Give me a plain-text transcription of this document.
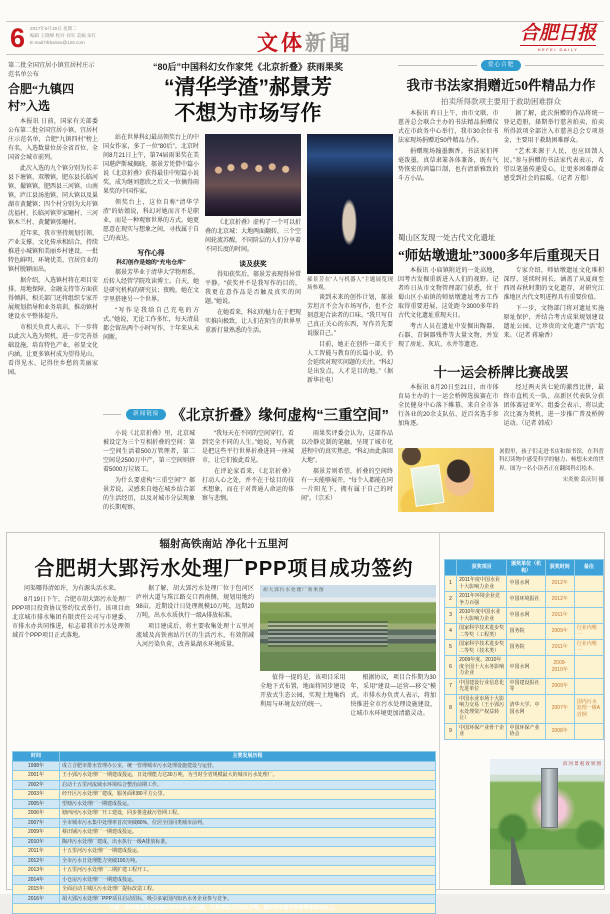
6 2017年9月19日 星期二
编辑 王晓峰 校对 刘军 美编 朱红
E-mail:hfrbwtxw@126.com	文体新闻	合肥日报
HEFEI DAILY
第二批全国宜居小镇宜居村庄示范名单公布
合肥“九镇四村”入选

本报讯 日前，国家有关部委公布第二批全国宜居小镇、宜居村庄示范名单，合肥“九镇四村”榜上有名，入选数量位居全省首位、全国省会城市前列。

此次入选的九个镇分别为长丰县下塘镇、双墩镇，肥东县长临河镇、撮镇镇，肥西县三河镇、山南镇，庐江县汤池镇、同大镇以及巢湖市黄麓镇；四个村分别为大圩镇沈福村、长临河镇罗家疃村、三河镇木兰村、黄麓镇张疃村。

近年来，我市坚持规划引领、产业支撑、文化传承相结合，持续推进小城镇和美丽乡村建设，一批特色鲜明、环境优美、宜居宜业的镇村脱颖而出。

据介绍，入选镇村将在项目安排、用地保障、金融支持等方面获得倾斜，相关部门还将组织专家开展规划指导和业务培训，推动镇村建设水平整体提升。

市相关负责人表示，下一步将以此次入选为契机，进一步完善基础设施，培育特色产业，彰显文化内涵，让更多镇村成为望得见山、看得见水、记得住乡愁的美丽家园。

“80后”中国科幻女作家凭《北京折叠》获雨果奖
“清华学渣”郝景芳
不想为市场写作

站在世界科幻最高领奖台上的中国女作家，多了一位“80后”。北京时间8月21日上午，第74届雨果奖在美国堪萨斯城揭晓，郝景芳凭借中篇小说《北京折叠》获得最佳中短篇小说奖，成为继刘慈欣之后又一位摘得雨果奖的中国作家。

领奖台上，这位自称“清华学渣”的姑娘说，科幻对她而言不是职业，而是一种观察世界的方式。她更愿意在现实与想象之间，寻找属于自己的表达。

写作心得
科幻创作是她的“充电仓库”

郝景芳毕业于清华大学物理系，后转入经管学院攻读博士。白天，她是研究机构的研究员；夜晚，她在文字里搭建另一个世界。

“写作是我给自己充电的方式。”她说，无论工作多忙，每天清晨都会留出两个小时写作，十年来从未间断。

《北京折叠》虚构了一个可以折叠的北京城：大地两面翻转，三个空间轮流苏醒，不同阶层的人们分享着不同长度的时间。

谈及获奖

得知获奖后，郝景芳表现得异常平静。“获奖并不是我写作的目的，我更在意作品是否触及真实的问题。”她说。

在她看来，科幻的魅力在于把现实推向极致，让人们在陌生的世界里重新打量熟悉的生活。

郝景芳在“人与机器人”主题展览现场参观。

谈到未来的创作计划，郝景芳坦言不会为市场写作，也不会刻意迎合读者的口味。“我只写自己真正关心的东西，写作首先要说服自己。”

目前，她正在创作一部关于人工智能与教育的长篇小说，仍会延续对现实问题的关注。“科幻是出发点，人才是目的地。”（据新华社电）

新闻链接 《北京折叠》缘何虚构“三重空间”

小说《北京折叠》里，北京城被设定为三个互相折叠的空间：第一空间生活着500万管理者，第二空间是2500万中产，第三空间则挤着5000万垃圾工。

为什么要虚构“三重空间”？郝景芳说，灵感来自她在城乡结合部的生活经历，以及对城市分层现象的长期观察。

“我每天在不同的空间穿行，看到完全不同的人生。”她说，写作就是把这些平行世界折叠进同一座城市，让它们彼此看见。

在评论家看来，《北京折叠》打动人心之处，并不在于炫目的技术想象，而在于对普通人命运的体察与悲悯。

雨果奖评委会认为，这部作品以冷静克制的笔触，呈现了城市化进程中的真实焦虑，“科幻由此落回大地”。

郝景芳则希望，折叠的空间终有一天能够展开，“每个人都能在同一片阳光下，拥有属于自己的时间”。（宗禾）

爱心合肥
我市书法家捐赠近50件精品力作
拍卖所得款项主要用于救助困难群众

本报讯 昨日上午，由市文联、市慈善总会联合主办的书法精品捐赠仪式在市政务中心举行，我市30余位书法家现场捐赠近50件精品力作。

捐赠现场翰墨飘香。书法家们挥毫泼墨，真草隶篆各体兼备，既有气势恢宏的鸿篇巨制，也有清新雅致的斗方小品。

据了解，此次捐赠的作品将统一登记造册，择期举行慈善拍卖，拍卖所得款项全部注入市慈善总会专项基金，主要用于救助困难群众。

“艺术来源于人民，也应回馈人民。”参与捐赠的书法家代表表示，希望以笔墨传递爱心，让更多困难群众感受到社会的温暖。（记者 方偲）

蜀山区发现一处古代文化遗址
“师姑墩遗址”3000多年后重现天日

本报讯 小庙镇附近的一处高地，因考古发掘重新进入人们的视野。记者昨日从市文物管理部门获悉，位于蜀山区小庙镇的师姑墩遗址考古工作取得重要进展，这处距今3000多年的古代文化遗址重现天日。

考古人员在遗址中发掘出陶器、石器、青铜器残件等大量文物，并发现了房址、灰坑、水井等遗迹。

专家介绍，师姑墩遗址文化堆积深厚，延续时间长，涵盖了从夏商至西周春秋时期的文化遗存，对研究江淮地区古代文明进程具有重要价值。

下一步，文物部门将对遗址实施原址保护，并结合考古成果规划建设遗址公园，让珍贵的文化遗产“活”起来。（记者 蒋瑜香）

十一运会桥牌比赛战罢

本报讯 8月20日至21日，由市体育局主办的十一运会桥牌选拔赛在市全民健身中心落下帷幕，来自全市各行各业的20余支队伍、近百名选手参加角逐。

经过两天共七轮的激烈比拼，最终市直机关一队、高新区代表队分获团体赛冠亚军。组委会表示，将以此次比赛为契机，进一步推广普及桥牌运动。（记者 韩成）

暑假里，孩子们走进书店和图书馆，在科普科幻读物中感受科学的魅力、畅想未来的世界。图为一名小读者正在翻阅科幻绘本。
宋炎骏 葛庆钊 摄
辐射高铁南站 净化十五里河
合肥胡大郢污水处理厂PPP项目成功签约

问渠哪得清如许，为有源头活水来。

8月19日下午，合肥市胡大郢污水处理厂PPP项目投资协议签约仪式举行。该项目由北京城市排水集团有限责任公司与市建委、市排水办共同推进，标志着我市污水处理领域首个PPP项目正式落地。

据了解，胡大郢污水处理厂位于包河区庐州大道与珠江路交口西南侧，规划用地约98亩，近期设计日处理规模10万吨，远期20万吨，出水水质执行一级A排放标准。

项目建成后，将主要收集处理十五里河流域及高铁南站片区的生活污水，有效削减入河污染负荷，改善巢湖水环境质量。

胡大郢污水处理厂效果图

值得一提的是，该项目采用全地下式布置，地面将同步建设开放式生态公园，实现土地集约利用与环境友好的统一。

根据协议，项目合作期为30年，采用“建设—运营—移交”模式。市排水办负责人表示，将加快推进全市污水处理设施建设，让城市水环境更加清澈灵动。

时间	主要发展历程
1998年	成立合肥市排水管理办公室，统一管理城市污水处理设施建设与运营。
2001年	王小郢污水处理厂一期建成投运，日处理能力达30万吨，为当时全省规模最大的城市污水处理厂。
2002年	启动十五里河流域水环境综合整治前期工作。
2003年	经开区污水处理厂建成，服务面积80平方公里。
2005年	望塘污水处理厂一期建成投运。
2006年	塘西河污水处理厂开工建设，同步推进截污管网工程。
2007年	全市城市污水集中处理率首次突破80%，位居全国同类城市前列。
2009年	蔡田铺污水处理厂一期建成投运。
2010年	陶冲污水处理厂建成，出水执行一级A排放标准。
2011年	十五里河污水处理厂一期建成投运。
2012年	全市污水日处理能力突破100万吨。
2013年	十五里河污水处理厂二期扩建工程开工。
2014年	小仓房污水处理厂一期建成投运。
2015年	全面启动主城区污水处理厂提标改造工程。
2016年	胡大郢污水处理厂PPP项目启动招标，吸引多家国内知名水务企业参与竞争。
目前，全市建成区共有城市污水处理厂13座，日处理能力达123万吨，城市污水集中处理率达95%以上。	
	获奖项目	颁奖单位（机构）	获奖时间	备注
1	2011年度中国水业十大影响力企业	中国水网	2012年	
2	2011年环境企业竞争力百强	中国环境报社	2012年	
3	2010年度中国水业十大影响力企业	中国水网	2011年	
4	国家科学技术进步奖二等奖（工程类）	国务院	2009年	行业内唯一
5	国家科学技术进步奖二等奖（技术类）	国务院	2011年	行业内唯一
6	2009年度、2010年度全国十大水务影响力企业	中国水网	2009-2010年	
7	中国建设行业信息化先进单位	中国建设报社等	2009年	
8	中国水业市场十大影响力交易（王小郢污水处理资产权益转让）	清华大学、中国水网	2007年	国内污水处理一级A首例
9	中国环保产业骨干企业	中国环保产业协会	2008年	
滨河景观效果图
